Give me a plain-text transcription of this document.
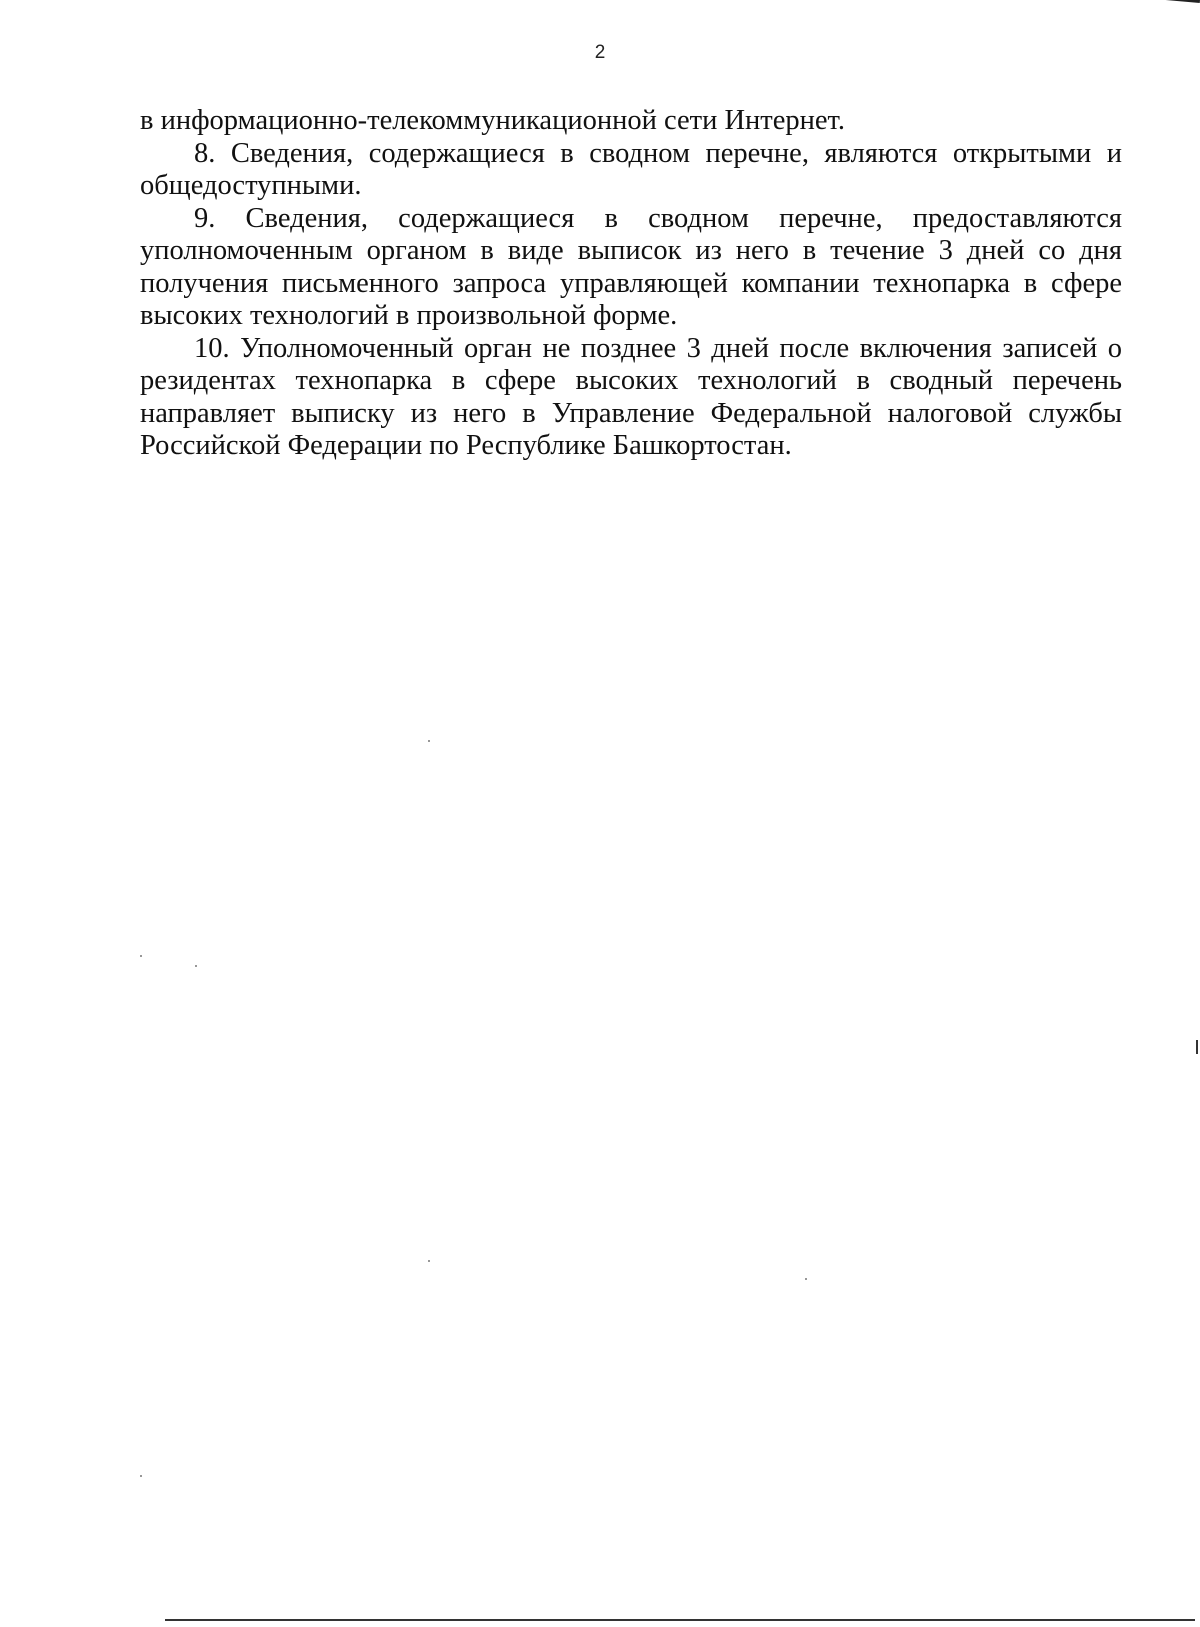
2

в информационно-телекоммуникационной сети Интернет.

8. Сведения, содержащиеся в сводном перечне, являются открытыми и общедоступными.

9. Сведения, содержащиеся в сводном перечне, предоставляются уполномоченным органом в виде выписок из него в течение 3 дней со дня получения письменного запроса управляющей компании технопарка в сфере высоких технологий в произвольной форме.

10. Уполномоченный орган не позднее 3 дней после включения записей о резидентах технопарка в сфере высоких технологий в сводный перечень направляет выписку из него в Управление Федеральной налоговой службы Российской Федерации по Республике Башкортостан.
